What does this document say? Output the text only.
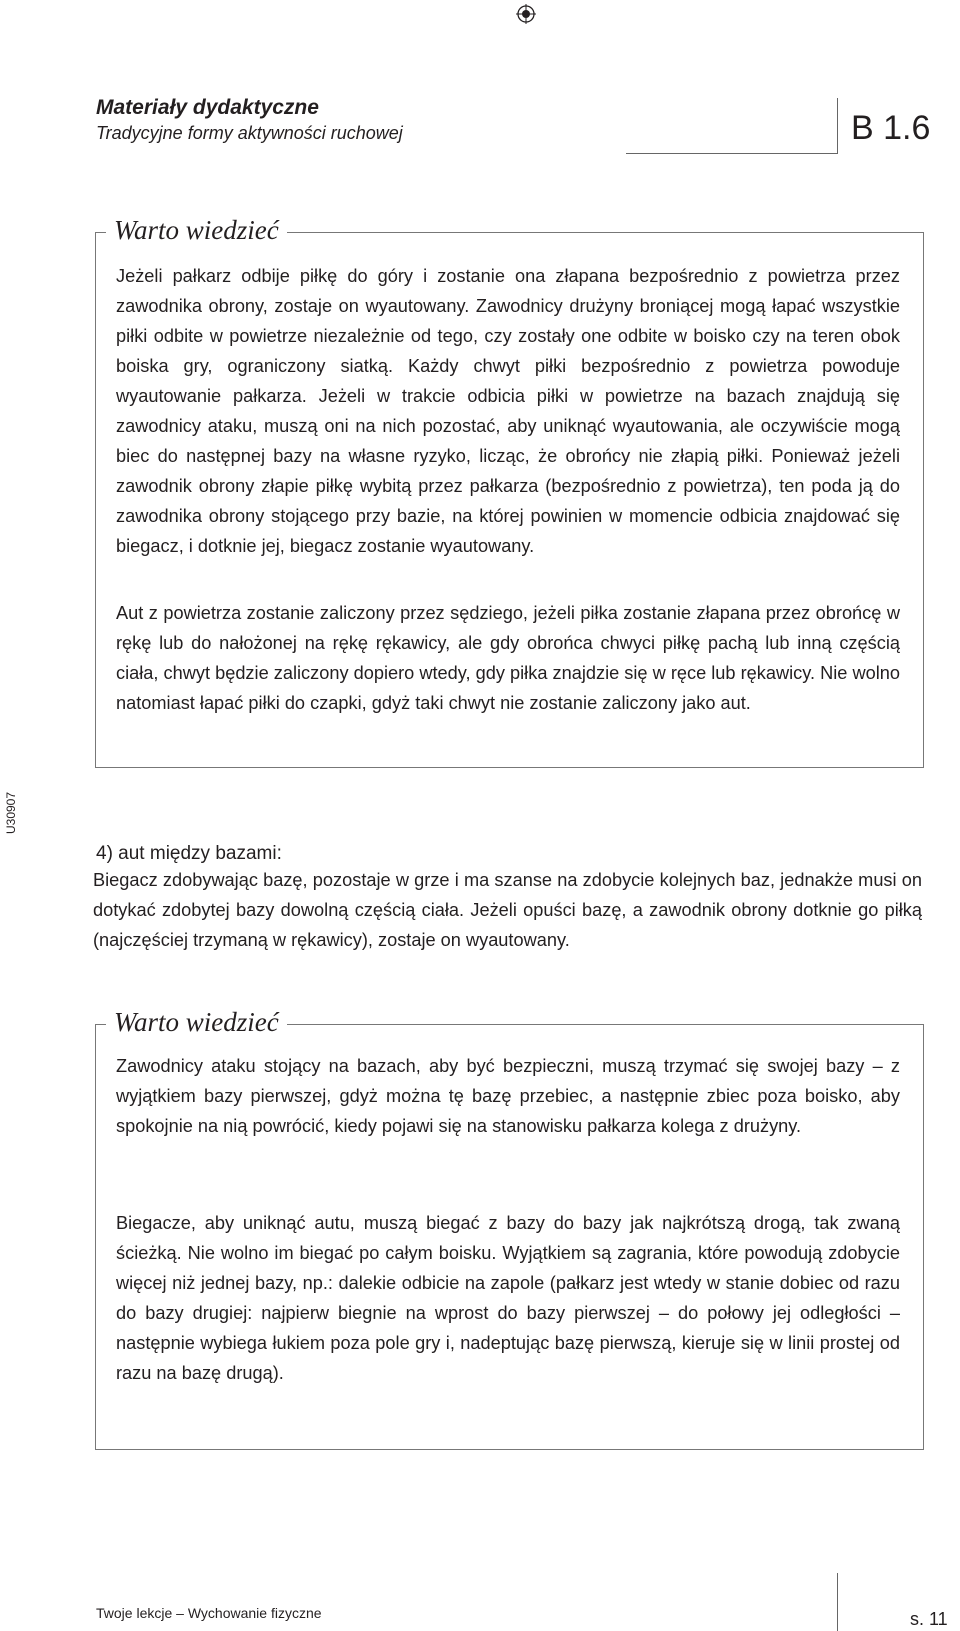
Materiały dydaktyczne
Tradycyjne formy aktywności ruchowej	B 1.6
Warto wiedzieć

Jeżeli pałkarz odbije piłkę do góry i zostanie ona złapana bezpośrednio z powietrza przez zawodnika obrony, zostaje on wyautowany. Zawodnicy drużyny broniącej mogą łapać wszystkie piłki odbite w powietrze niezależnie od tego, czy zostały one odbite w boisko czy na teren obok boiska gry, ograniczony siatką. Każdy chwyt piłki bezpośrednio z powietrza powoduje wyautowanie pałkarza. Jeżeli w trakcie odbicia piłki w powietrze na bazach znajdują się zawodnicy ataku, muszą oni na nich pozostać, aby uniknąć wyautowania, ale oczywiście mogą biec do następnej bazy na własne ryzyko, licząc, że obrońcy nie złapią piłki. Ponieważ jeżeli zawodnik obrony złapie piłkę wybitą przez pałkarza (bezpośrednio z powietrza), ten poda ją do zawodnika obrony stojącego przy bazie, na której powinien w momencie odbicia znajdować się biegacz, i dotknie jej, biegacz zostanie wyautowany.

Aut z powietrza zostanie zaliczony przez sędziego, jeżeli piłka zostanie złapana przez obrońcę w rękę lub do nałożonej na rękę rękawicy, ale gdy obrońca chwyci piłkę pachą lub inną częścią ciała, chwyt będzie zaliczony dopiero wtedy, gdy piłka znajdzie się w ręce lub rękawicy. Nie wolno natomiast łapać piłki do czapki, gdyż taki chwyt nie zostanie zaliczony jako aut.

U30907
4) aut między bazami:

Biegacz zdobywając bazę, pozostaje w grze i ma szanse na zdobycie kolejnych baz, jednakże musi on dotykać zdobytej bazy dowolną częścią ciała. Jeżeli opuści bazę, a zawodnik obrony dotknie go piłką (najczęściej trzymaną w rękawicy), zostaje on wyautowany.

Warto wiedzieć

Zawodnicy ataku stojący na bazach, aby być bezpieczni, muszą trzymać się swojej bazy – z wyjątkiem bazy pierwszej, gdyż można tę bazę przebiec, a następnie zbiec poza boisko, aby spokojnie na nią powrócić, kiedy pojawi się na stanowisku pałkarza kolega z drużyny.

Biegacze, aby uniknąć autu, muszą biegać z bazy do bazy jak najkrótszą drogą, tak zwaną ścieżką. Nie wolno im biegać po całym boisku. Wyjątkiem są zagrania, które powodują zdobycie więcej niż jednej bazy, np.: dalekie odbicie na zapole (pałkarz jest wtedy w stanie dobiec od razu do bazy drugiej: najpierw biegnie na wprost do bazy pierwszej – do połowy jej odległości – następnie wybiega łukiem poza pole gry i, nadeptując bazę pierwszą, kieruje się w linii prostej od razu na bazę drugą).

Twoje lekcje – Wychowanie fizyczne	s. 11
